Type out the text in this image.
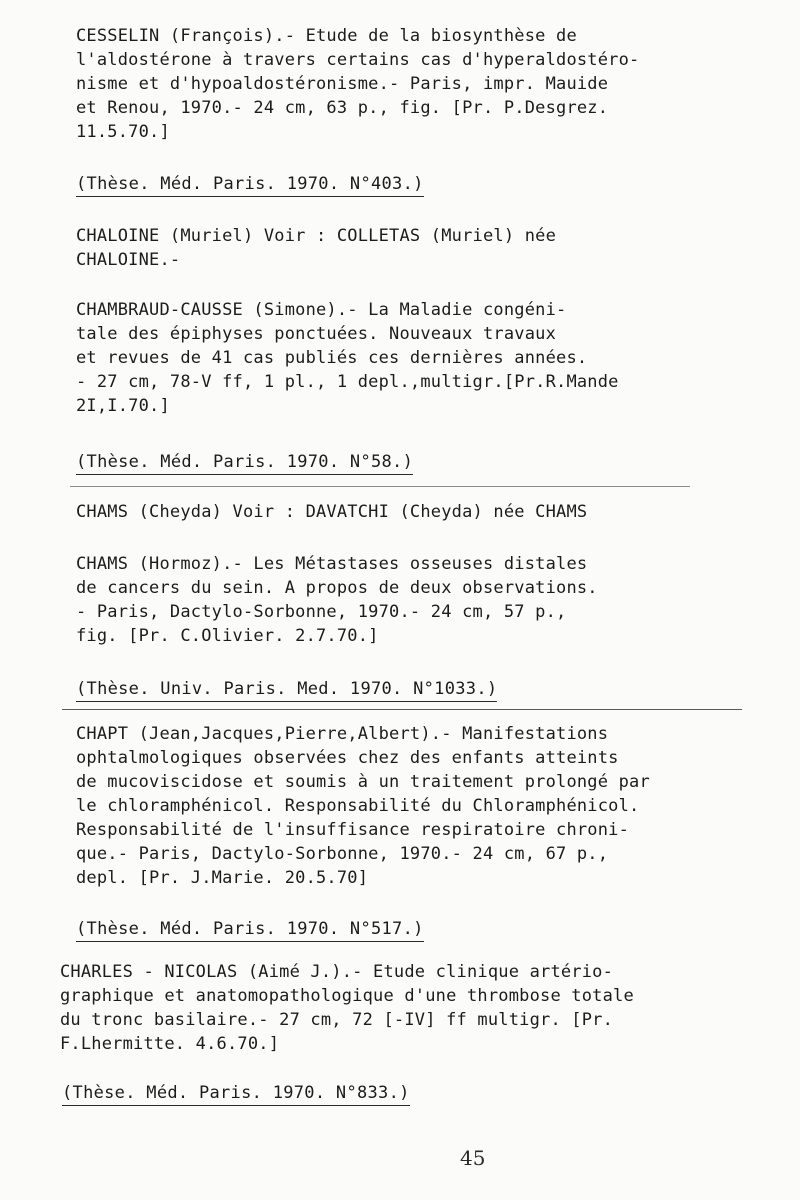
CESSELIN (François).- Etude de la biosynthèse de
l'aldostérone à travers certains cas d'hyperaldostéro-
nisme et d'hypoaldostéronisme.- Paris, impr. Mauide
et Renou, 1970.- 24 cm, 63 p., fig. [Pr. P.Desgrez.
11.5.70.]
(Thèse. Méd. Paris. 1970. N°403.)
CHALOINE (Muriel) Voir : COLLETAS (Muriel) née
CHALOINE.-
CHAMBRAUD-CAUSSE (Simone).- La Maladie congéni-
tale des épiphyses ponctuées. Nouveaux travaux
et revues de 41 cas publiés ces dernières années.
- 27 cm, 78-V ff, 1 pl., 1 depl.,multigr.[Pr.R.Mande
2I,I.70.]
(Thèse. Méd. Paris. 1970. N°58.)
CHAMS (Cheyda) Voir : DAVATCHI (Cheyda) née CHAMS
CHAMS (Hormoz).- Les Métastases osseuses distales
de cancers du sein. A propos de deux observations.
- Paris, Dactylo-Sorbonne, 1970.- 24 cm, 57 p.,
fig. [Pr. C.Olivier. 2.7.70.]
(Thèse. Univ. Paris. Med. 1970. N°1033.)
CHAPT (Jean,Jacques,Pierre,Albert).- Manifestations
ophtalmologiques observées chez des enfants atteints
de mucoviscidose et soumis à un traitement prolongé par
le chloramphénicol. Responsabilité du Chloramphénicol.
Responsabilité de l'insuffisance respiratoire chroni-
que.- Paris, Dactylo-Sorbonne, 1970.- 24 cm, 67 p.,
depl. [Pr. J.Marie. 20.5.70]
(Thèse. Méd. Paris. 1970. N°517.)
CHARLES - NICOLAS (Aimé J.).- Etude clinique artério-
graphique et anatomopathologique d'une thrombose totale
du tronc basilaire.- 27 cm, 72 [-IV] ff multigr. [Pr.
F.Lhermitte. 4.6.70.]
(Thèse. Méd. Paris. 1970. N°833.)
45
